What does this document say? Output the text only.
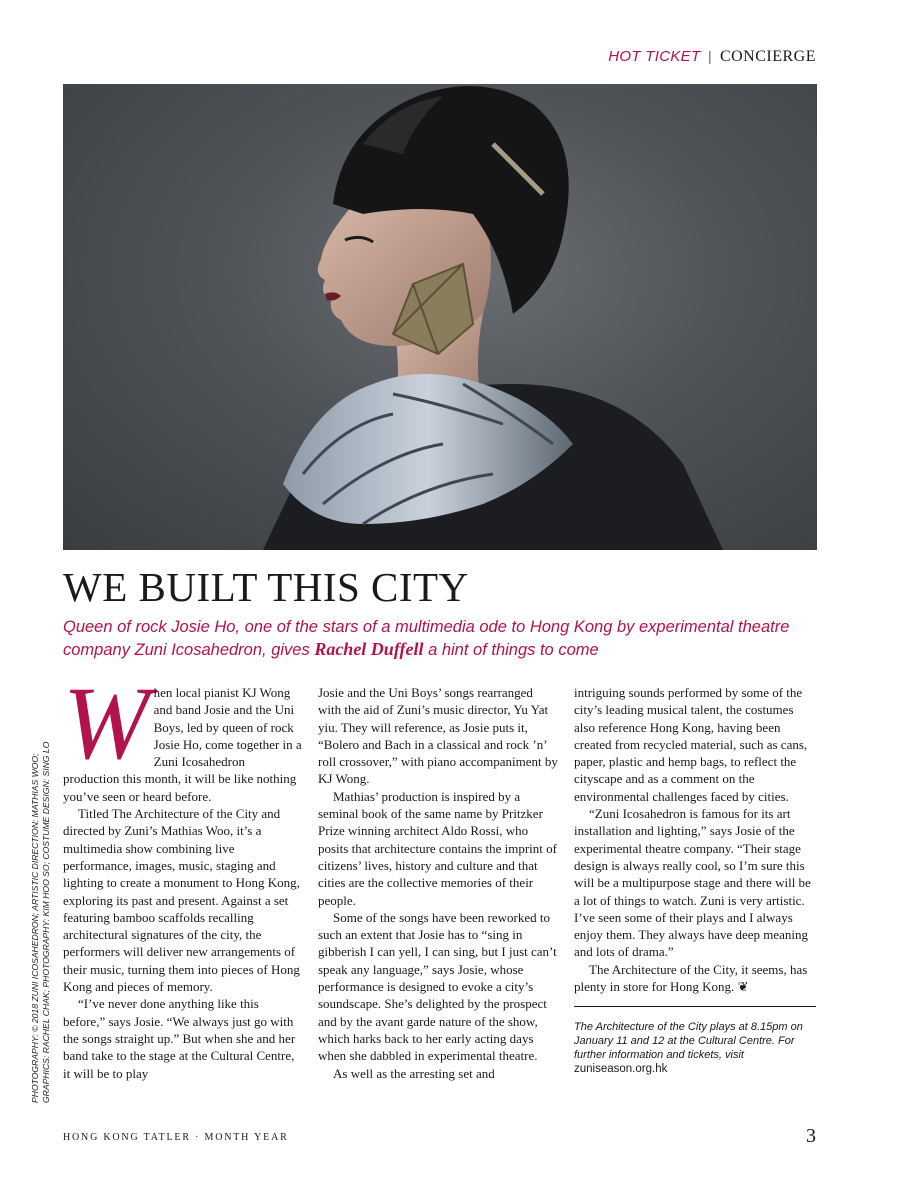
HOT TICKET | CONCIERGE
WE BUILT THIS CITY

Queen of rock Josie Ho, one of the stars of a multimedia ode to Hong Kong by experimental theatre company Zuni Icosahedron, gives Rachel Duffell a hint of things to come

PHOTOGRAPHY: © 2018 ZUNI ICOSAHEDRON; ARTISTIC DIRECTION: MATHIAS WOO; GRAPHICS: RACHEL CHAK; PHOTOGRAPHY: KIM HOO SO; COSTUME DESIGN: SING LO
W hen local pianist KJ Wong and band Josie and the Uni Boys, led by queen of rock Josie Ho, come together in a Zuni Icosahedron production this month, it will be like nothing you’ve seen or heard before.

Titled The Architecture of the City and directed by Zuni’s Mathias Woo, it’s a multimedia show combining live performance, images, music, staging and lighting to create a monument to Hong Kong, exploring its past and present. Against a set featuring bamboo scaffolds recalling architectural signatures of the city, the performers will deliver new arrangements of their music, turning them into pieces of Hong Kong and pieces of memory.

“I’ve never done anything like this before,” says Josie. “We always just go with the songs straight up.” But when she and her band take to the stage at the Cultural Centre, it will be to play

Josie and the Uni Boys’ songs rearranged with the aid of Zuni’s music director, Yu Yat yiu. They will reference, as Josie puts it, “Bolero and Bach in a classical and rock ’n’ roll crossover,” with piano accompaniment by KJ Wong.

Mathias’ production is inspired by a seminal book of the same name by Pritzker Prize winning architect Aldo Rossi, who posits that architecture contains the imprint of citizens’ lives, history and culture and that cities are the collective memories of their people.

Some of the songs have been reworked to such an extent that Josie has to “sing in gibberish I can yell, I can sing, but I just can’t speak any language,” says Josie, whose performance is designed to evoke a city’s soundscape. She’s delighted by the prospect and by the avant garde nature of the show, which harks back to her early acting days when she dabbled in experimental theatre.

As well as the arresting set and

intriguing sounds performed by some of the city’s leading musical talent, the costumes also reference Hong Kong, having been created from recycled material, such as cans, paper, plastic and hemp bags, to reflect the cityscape and as a comment on the environmental challenges faced by cities.

“Zuni Icosahedron is famous for its art installation and lighting,” says Josie of the experimental theatre company. “Their stage design is always really cool, so I’m sure this will be a multipurpose stage and there will be a lot of things to watch. Zuni is very artistic. I’ve seen some of their plays and I always enjoy them. They always have deep meaning and lots of drama.”

The Architecture of the City, it seems, has plenty in store for Hong Kong. ❦

The Architecture of the City plays at 8.15pm on January 11 and 12 at the Cultural Centre. For further information and tickets, visit
zuniseason.org.hk

HONG KONG TATLER · MONTH YEAR	3
